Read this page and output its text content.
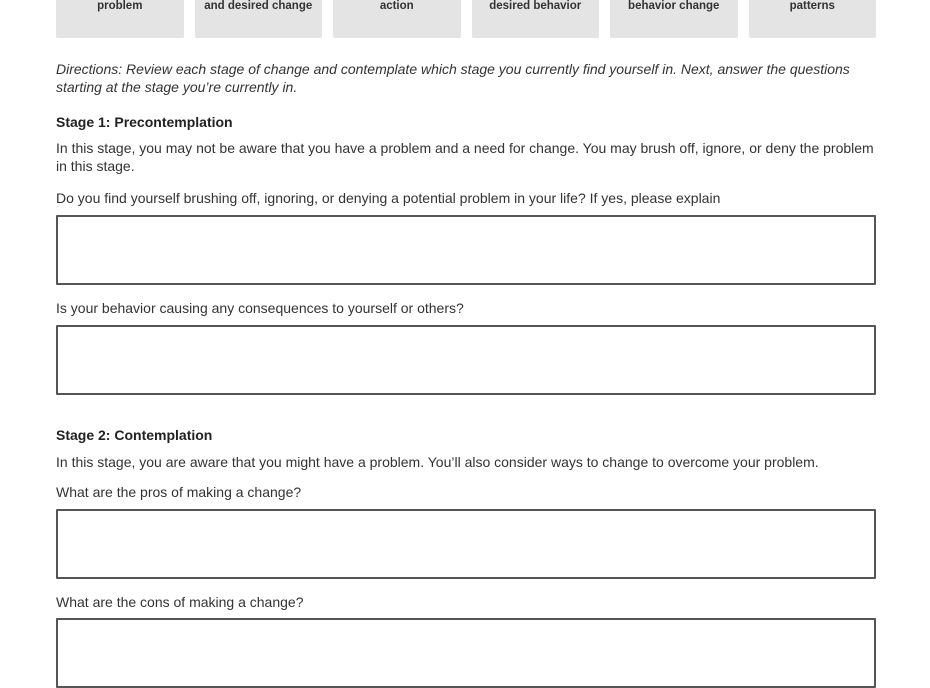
problem	and desired change	action	desired behavior	behavior change	patterns
Directions: Review each stage of change and contemplate which stage you currently find yourself in. Next, answer the questions starting at the stage you’re currently in.
Stage 1: Precontemplation
In this stage, you may not be aware that you have a problem and a need for change. You may brush off, ignore, or deny the problem in this stage.
Do you find yourself brushing off, ignoring, or denying a potential problem in your life? If yes, please explain
Is your behavior causing any consequences to yourself or others?
Stage 2: Contemplation
In this stage, you are aware that you might have a problem. You’ll also consider ways to change to overcome your problem.
What are the pros of making a change?
What are the cons of making a change?
